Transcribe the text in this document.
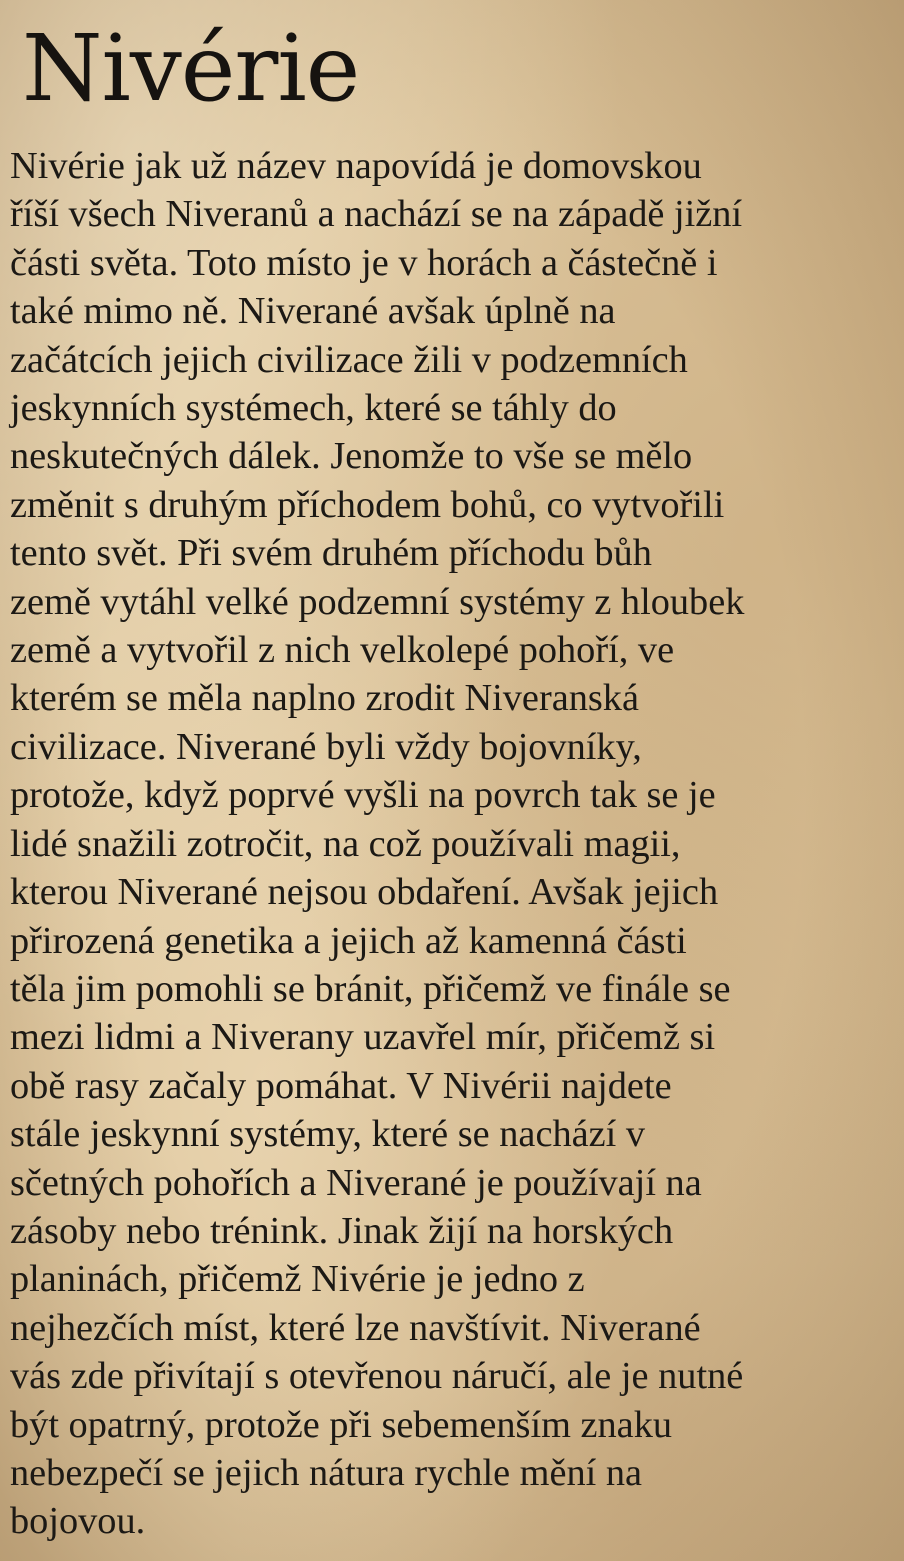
Nivérie
Nivérie jak už název napovídá je domovskou
říší všech Niveranů a nachází se na západě jižní
části světa. Toto místo je v horách a částečně i
také mimo ně. Niverané avšak úplně na
začátcích jejich civilizace žili v podzemních
jeskynních systémech, které se táhly do
neskutečných dálek. Jenomže to vše se mělo
změnit s druhým příchodem bohů, co vytvořili
tento svět. Při svém druhém příchodu bůh
země vytáhl velké podzemní systémy z hloubek
země a vytvořil z nich velkolepé pohoří, ve
kterém se měla naplno zrodit Niveranská
civilizace. Niverané byli vždy bojovníky,
protože, když poprvé vyšli na povrch tak se je
lidé snažili zotročit, na což používali magii,
kterou Niverané nejsou obdaření. Avšak jejich
přirozená genetika a jejich až kamenná části
těla jim pomohli se bránit, přičemž ve finále se
mezi lidmi a Niverany uzavřel mír, přičemž si
obě rasy začaly pomáhat. V Nivérii najdete
stále jeskynní systémy, které se nachází v
sčetných pohořích a Niverané je používají na
zásoby nebo trénink. Jinak žijí na horských
planinách, přičemž Nivérie je jedno z
nejhezčích míst, které lze navštívit. Niverané
vás zde přivítají s otevřenou náručí, ale je nutné
být opatrný, protože při sebemenším znaku
nebezpečí se jejich nátura rychle mění na
bojovou.
